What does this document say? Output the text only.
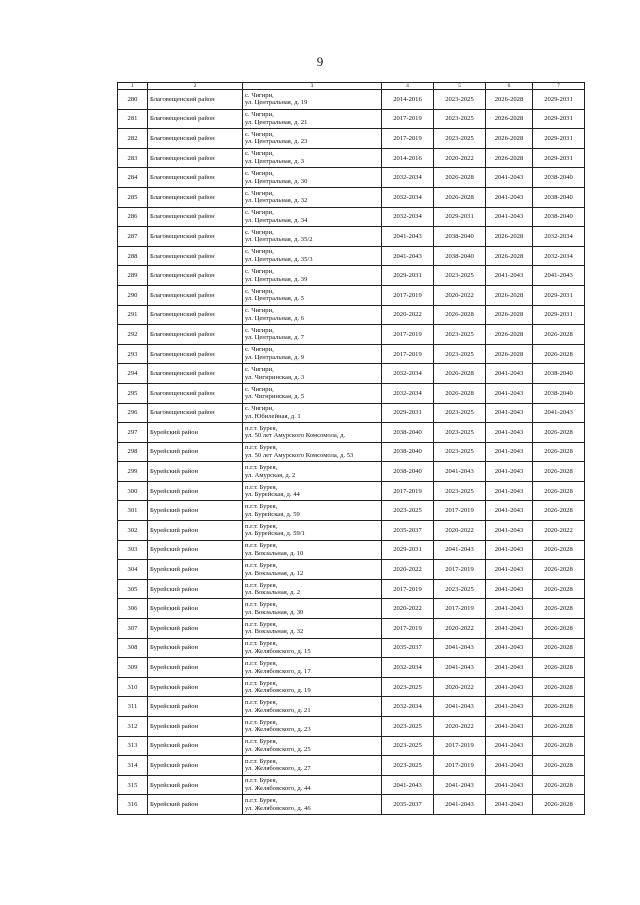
9
1	2	3	4	5	6	7
280	Благовещенский район	с. Чигири,
ул. Центральная, д. 19	2014-2016	2023-2025	2026-2028	2029-2031
281	Благовещенский район	с. Чигири,
ул. Центральная, д. 21	2017-2019	2023-2025	2026-2028	2029-2031
282	Благовещенский район	с. Чигири,
ул. Центральная, д. 23	2017-2019	2023-2025	2026-2028	2029-2031
283	Благовещенский район	с. Чигири,
ул. Центральная, д. 3	2014-2016	2020-2022	2026-2028	2029-2031
284	Благовещенский район	с. Чигири,
ул. Центральная, д. 30	2032-2034	2026-2028	2041-2043	2038-2040
285	Благовещенский район	с. Чигири,
ул. Центральная, д. 32	2032-2034	2026-2028	2041-2043	2038-2040
286	Благовещенский район	с. Чигири,
ул. Центральная, д. 34	2032-2034	2029-2031	2041-2043	2038-2040
287	Благовещенский район	с. Чигири,
ул. Центральная, д. 35/2	2041-2043	2038-2040	2026-2028	2032-2034
288	Благовещенский район	с. Чигири,
ул. Центральная, д. 35/3	2041-2043	2038-2040	2026-2028	2032-2034
289	Благовещенский район	с. Чигири,
ул. Центральная, д. 39	2029-2031	2023-2025	2041-2043	2041-2043
290	Благовещенский район	с. Чигири,
ул. Центральная, д. 5	2017-2019	2020-2022	2026-2028	2029-2031
291	Благовещенский район	с. Чигири,
ул. Центральная, д. 6	2020-2022	2026-2028	2026-2028	2029-2031
292	Благовещенский район	с. Чигири,
ул. Центральная, д. 7	2017-2019	2023-2025	2026-2028	2026-2028
293	Благовещенский район	с. Чигири,
ул. Центральная, д. 9	2017-2019	2023-2025	2026-2028	2026-2028
294	Благовещенский район	с. Чигири,
ул. Чигиринская, д. 3	2032-2034	2026-2028	2041-2043	2038-2040
295	Благовещенский район	с. Чигири,
ул. Чигиринская, д. 5	2032-2034	2026-2028	2041-2043	2038-2040
296	Благовещенский район	с. Чигири,
ул. Юбилейная, д. 1	2029-2031	2023-2025	2041-2043	2041-2043
297	Бурейский район	п.г.т. Бурея,
ул. 50 лет Амурского Комсомола, д.	2038-2040	2023-2025	2041-2043	2026-2028
298	Бурейский район	п.г.т. Бурея,
ул. 50 лет Амурского Комсомола, д. 53	2038-2040	2023-2025	2041-2043	2026-2028
299	Бурейский район	п.г.т. Бурея,
ул. Амурская, д. 2	2038-2040	2041-2043	2041-2043	2026-2028
300	Бурейский район	п.г.т. Бурея,
ул. Бурейская, д. 44	2017-2019	2023-2025	2041-2043	2026-2028
301	Бурейский район	п.г.т. Бурея,
ул. Бурейская, д. 59	2023-2025	2017-2019	2041-2043	2026-2028
302	Бурейский район	п.г.т. Бурея,
ул. Бурейская, д. 59/1	2035-2037	2020-2022	2041-2043	2020-2022
303	Бурейский район	п.г.т. Бурея,
ул. Вокзальная, д. 10	2029-2031	2041-2043	2041-2043	2026-2028
304	Бурейский район	п.г.т. Бурея,
ул. Вокзальная, д. 12	2020-2022	2017-2019	2041-2043	2026-2028
305	Бурейский район	п.г.т. Бурея,
ул. Вокзальная, д. 2	2017-2019	2023-2025	2041-2043	2026-2028
306	Бурейский район	п.г.т. Бурея,
ул. Вокзальная, д. 30	2020-2022	2017-2019	2041-2043	2026-2028
307	Бурейский район	п.г.т. Бурея,
ул. Вокзальная, д. 32	2017-2019	2020-2022	2041-2043	2026-2028
308	Бурейский район	п.г.т. Бурея,
ул. Желябовского, д. 15	2035-2037	2041-2043	2041-2043	2026-2028
309	Бурейский район	п.г.т. Бурея,
ул. Желябовского, д. 17	2032-2034	2041-2043	2041-2043	2026-2028
310	Бурейский район	п.г.т. Бурея,
ул. Желябовского, д. 19	2023-2025	2020-2022	2041-2043	2026-2028
311	Бурейский район	п.г.т. Бурея,
ул. Желябовского, д. 21	2032-2034	2041-2043	2041-2043	2026-2028
312	Бурейский район	п.г.т. Бурея,
ул. Желябовского, д. 23	2023-2025	2020-2022	2041-2043	2026-2028
313	Бурейский район	п.г.т. Бурея,
ул. Желябовского, д. 25	2023-2025	2017-2019	2041-2043	2026-2028
314	Бурейский район	п.г.т. Бурея,
ул. Желябовского, д. 27	2023-2025	2017-2019	2041-2043	2026-2028
315	Бурейский район	п.г.т. Бурея,
ул. Желябовского, д. 44	2041-2043	2041-2043	2041-2043	2026-2028
316	Бурейский район	п.г.т. Бурея,
ул. Желябовского, д. 46	2035-2037	2041-2043	2041-2043	2026-2028
